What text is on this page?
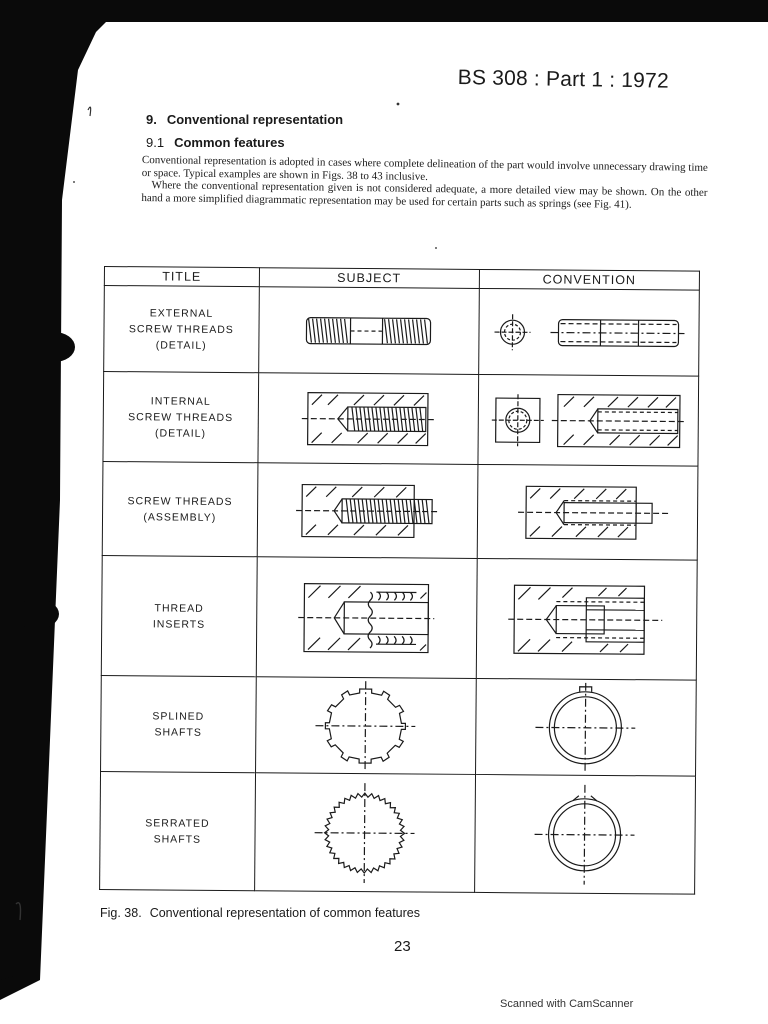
BS 308 : Part 1 : 1972
9. Conventional representation
9.1 Common features

Conventional representation is adopted in cases where complete delineation of the part would involve unnecessary drawing time or space. Typical examples are shown in Figs. 38 to 43 inclusive.

Where the conventional representation given is not considered adequate, a more detailed view may be shown. On the other hand a more simplified diagrammatic representation may be used for certain parts such as springs (see Fig. 41).

TITLE	SUBJECT	CONVENTION
EXTERNAL
SCREW THREADS
(DETAIL)	

INTERNAL
SCREW THREADS
(DETAIL)	

SCREW THREADS
(ASSEMBLY)	

THREAD
INSERTS	

SPLINED
SHAFTS	

SERRATED
SHAFTS	

Fig. 38. Conventional representation of common features
23
Scanned with CamScanner
